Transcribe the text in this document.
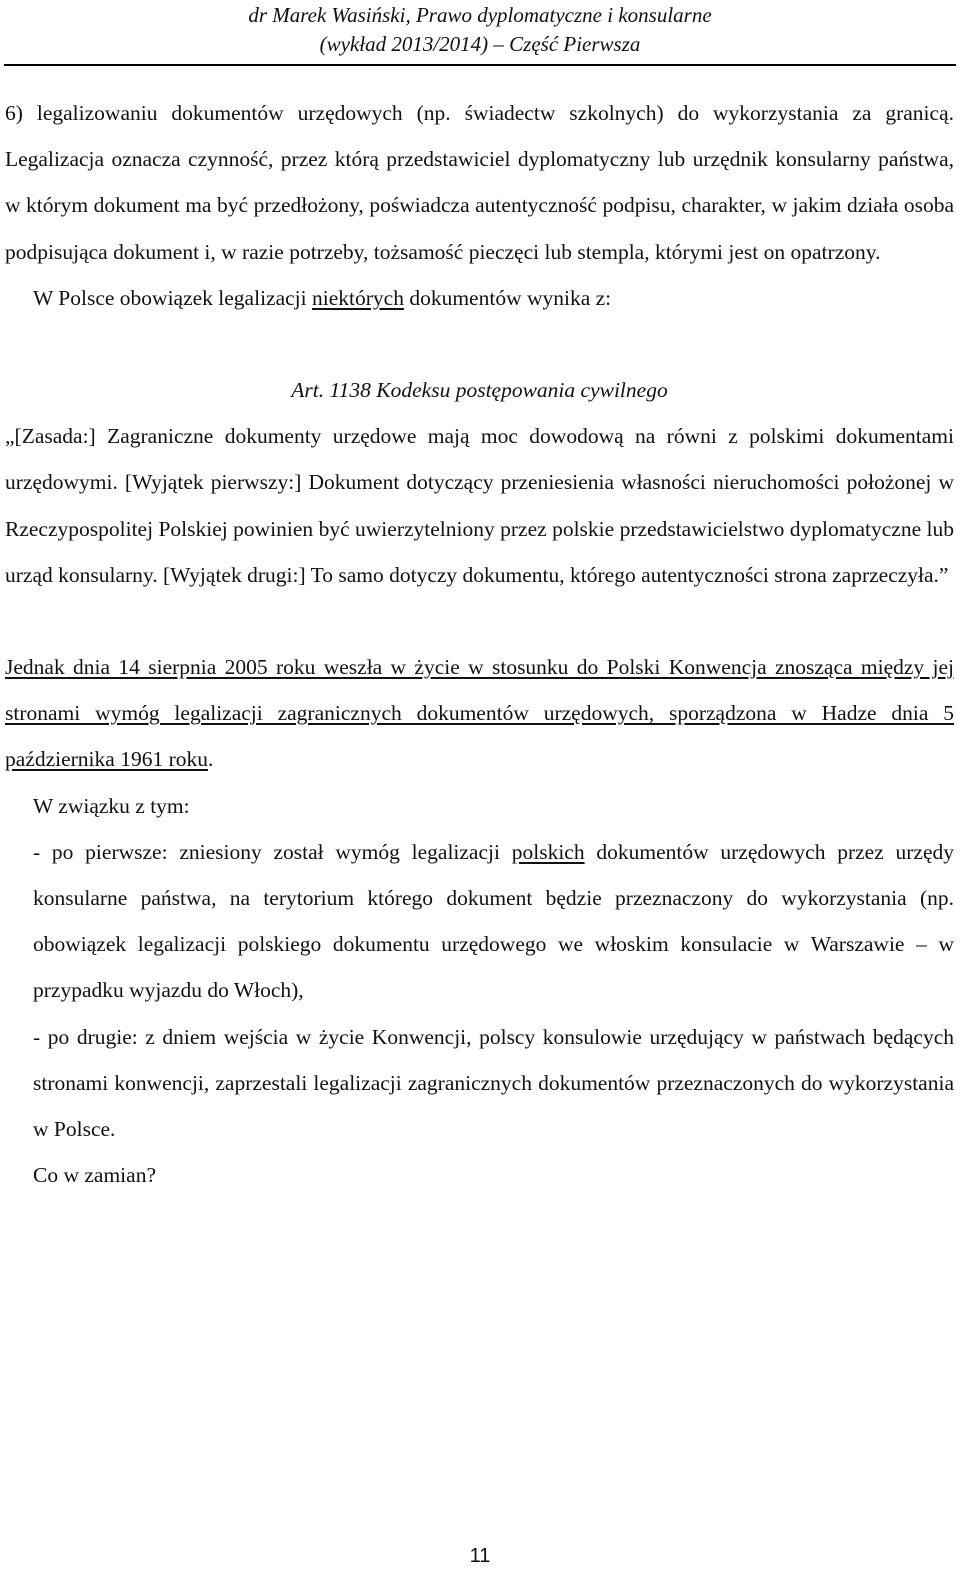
dr Marek Wasiński, Prawo dyplomatyczne i konsularne
(wykład 2013/2014) – Część Pierwsza

6) legalizowaniu dokumentów urzędowych (np. świadectw szkolnych) do wykorzystania za granicą. Legalizacja oznacza czynność, przez którą przedstawiciel dyplomatyczny lub urzędnik konsularny państwa, w którym dokument ma być przedłożony, poświadcza autentyczność podpisu, charakter, w jakim działa osoba podpisująca dokument i, w razie potrzeby, tożsamość pieczęci lub stempla, którymi jest on opatrzony.

W Polsce obowiązek legalizacji niektórych dokumentów wynika z:

Art. 1138 Kodeksu postępowania cywilnego

„[Zasada:] Zagraniczne dokumenty urzędowe mają moc dowodową na równi z polskimi dokumentami urzędowymi. [Wyjątek pierwszy:] Dokument dotyczący przeniesienia własności nieruchomości położonej w Rzeczypospolitej Polskiej powinien być uwierzytelniony przez polskie przedstawicielstwo dyplomatyczne lub urząd konsularny. [Wyjątek drugi:] To samo dotyczy dokumentu, którego autentyczności strona zaprzeczyła.”

Jednak dnia 14 sierpnia 2005 roku weszła w życie w stosunku do Polski Konwencja znosząca między jej stronami wymóg legalizacji zagranicznych dokumentów urzędowych, sporządzona w Hadze dnia 5 października 1961 roku.

W związku z tym:

- po pierwsze: zniesiony został wymóg legalizacji polskich dokumentów urzędowych przez urzędy konsularne państwa, na terytorium którego dokument będzie przeznaczony do wykorzystania (np. obowiązek legalizacji polskiego dokumentu urzędowego we włoskim konsulacie w Warszawie – w przypadku wyjazdu do Włoch),

- po drugie: z dniem wejścia w życie Konwencji, polscy konsulowie urzędujący w państwach będących stronami konwencji, zaprzestali legalizacji zagranicznych dokumentów przeznaczonych do wykorzystania w Polsce.

Co w zamian?

11
